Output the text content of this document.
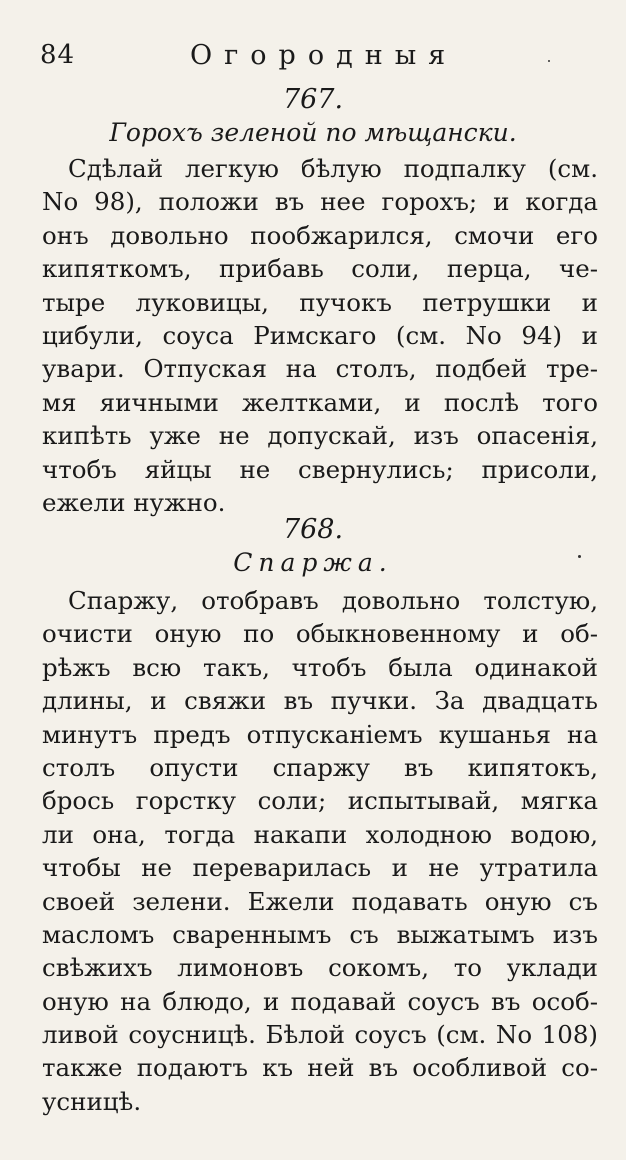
84	Огородныя
767.
Горохъ зеленой по мѣщански.
Сдѣлай легкую бѣлую подпалку (см.
No 98), положи въ нее горохъ; и когда
онъ довольно пообжарился, смочи его
кипяткомъ, прибавь соли, перца, че-
тыре луковицы, пучокъ петрушки и
цибули, соуса Римскаго (см. No 94) и
увари. Отпуская на столъ, подбей тре-
мя яичными желтками, и послѣ того
кипѣть уже не допускай, изъ опасенія,
чтобъ яйцы не свернулись; присоли,
ежели нужно.
768.
Спаржа.
Спаржу, отобравъ довольно толстую,
очисти оную по обыкновенному и об-
рѣжъ всю такъ, чтобъ была одинакой
длины, и свяжи въ пучки. За двадцать
минутъ предъ отпусканіемъ кушанья на
столъ опусти спаржу въ кипятокъ,
брось горстку соли; испытывай, мягка
ли она, тогда накапи холодною водою,
чтобы не переварилась и не утратила
своей зелени. Ежели подавать оную съ
масломъ свареннымъ съ выжатымъ изъ
свѣжихъ лимоновъ сокомъ, то уклади
оную на блюдо, и подавай соусъ въ особ-
ливой соусницѣ. Бѣлой соусъ (см. No 108)
также подаютъ къ ней въ особливой со-
усницѣ.
